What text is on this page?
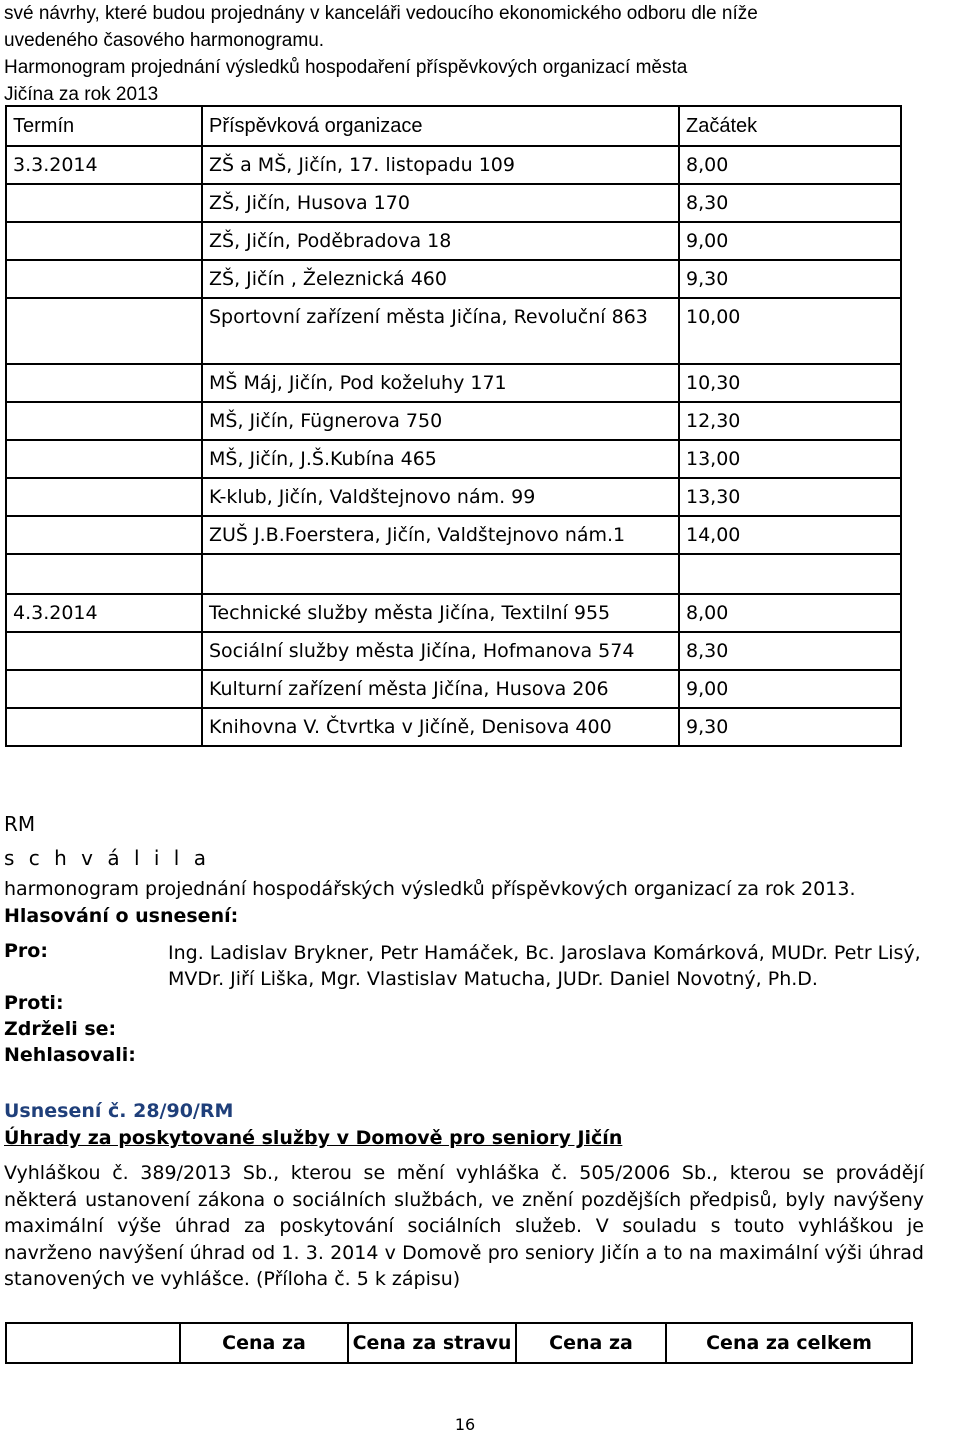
své návrhy, které budou projednány v kanceláři vedoucího ekonomického odboru dle níže
uvedeného časového harmonogramu.
Harmonogram projednání výsledků hospodaření příspěvkových organizací města
Jičína za rok 2013
Termín	Příspěvková organizace	Začátek
3.3.2014	ZŠ a MŠ, Jičín, 17. listopadu 109	8,00
	ZŠ, Jičín, Husova 170	8,30
	ZŠ, Jičín, Poděbradova 18	9,00
	ZŠ, Jičín , Železnická 460	9,30
	Sportovní zařízení města Jičína, Revoluční 863	10,00
	MŠ Máj, Jičín, Pod koželuhy 171	10,30
	MŠ, Jičín, Fügnerova 750	12,30
	MŠ, Jičín, J.Š.Kubína 465	13,00
	K-klub, Jičín, Valdštejnovo nám. 99	13,30
	ZUŠ J.B.Foerstera, Jičín, Valdštejnovo nám.1	14,00

4.3.2014	Technické služby města Jičína, Textilní 955	8,00
	Sociální služby města Jičína, Hofmanova 574	8,30
	Kulturní zařízení města Jičína, Husova 206	9,00
	Knihovna V. Čtvrtka v Jičíně, Denisova 400	9,30
RM
s c h v á l i l a
harmonogram projednání hospodářských výsledků příspěvkových organizací za rok 2013.
Hlasování o usnesení:
Pro:	Ing. Ladislav Brykner, Petr Hamáček, Bc. Jaroslava Komárková, MUDr. Petr Lisý, MVDr. Jiří Liška, Mgr. Vlastislav Matucha, JUDr. Daniel Novotný, Ph.D.
Proti:
Zdrželi se:
Nehlasovali:
Usnesení č. 28/90/RM
Úhrady za poskytované služby v Domově pro seniory Jičín
Vyhláškou č. 389/2013 Sb., kterou se mění vyhláška č. 505/2006 Sb., kterou se provádějí některá ustanovení zákona o sociálních službách, ve znění pozdějších předpisů, byly navýšeny maximální výše úhrad za poskytování sociálních služeb. V souladu s touto vyhláškou je navrženo navýšení úhrad od 1. 3. 2014 v Domově pro seniory Jičín a to na maximální výši úhrad stanovených ve vyhlášce. (Příloha č. 5 k zápisu)
	Cena za	Cena za stravu	Cena za	Cena za celkem
16
